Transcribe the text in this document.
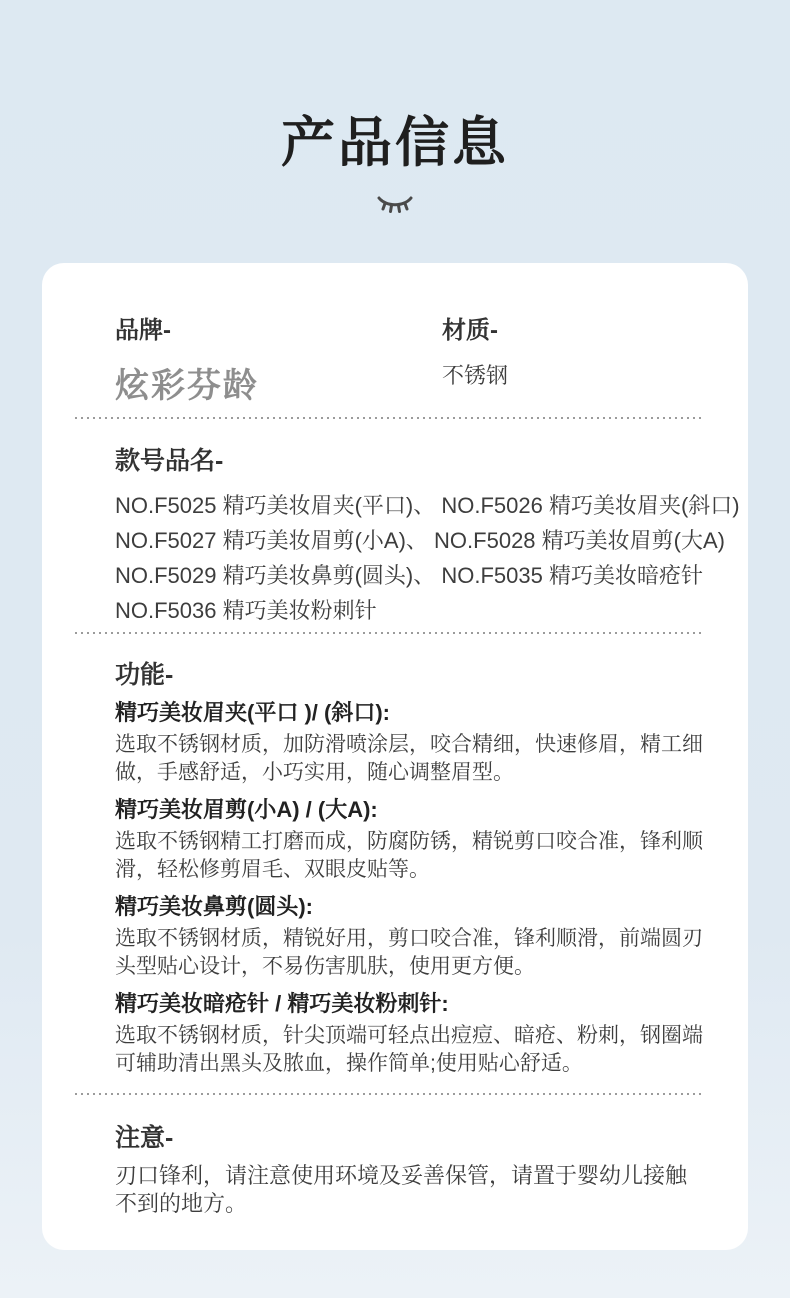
产品信息
品牌-
炫彩芬龄
材质-
不锈钢
款号品名-

NO.F5025 精巧美妆眉夹(平口)、 NO.F5026 精巧美妆眉夹(斜口)

NO.F5027 精巧美妆眉剪(小A)、 NO.F5028 精巧美妆眉剪(大A)

NO.F5029 精巧美妆鼻剪(圆头)、 NO.F5035 精巧美妆暗疮针

NO.F5036 精巧美妆粉刺针

功能-
精巧美妆眉夹(平口 )/ (斜口):

选取不锈钢材质，加防滑喷涂层，咬合精细，快速修眉，精工细做，手感舒适，小巧实用，随心调整眉型。

精巧美妆眉剪(小A) / (大A):

选取不锈钢精工打磨而成，防腐防锈，精锐剪口咬合准，锋利顺滑，轻松修剪眉毛、双眼皮贴等。

精巧美妆鼻剪(圆头):

选取不锈钢材质，精锐好用，剪口咬合准，锋利顺滑，前端圆刃头型贴心设计，不易伤害肌肤，使用更方便。

精巧美妆暗疮针 / 精巧美妆粉刺针:

选取不锈钢材质，针尖顶端可轻点出痘痘、暗疮、粉刺，钢圈端可辅助清出黑头及脓血，操作简单;使用贴心舒适。

注意-

刃口锋利，请注意使用环境及妥善保管，请置于婴幼儿接触不到的地方。
